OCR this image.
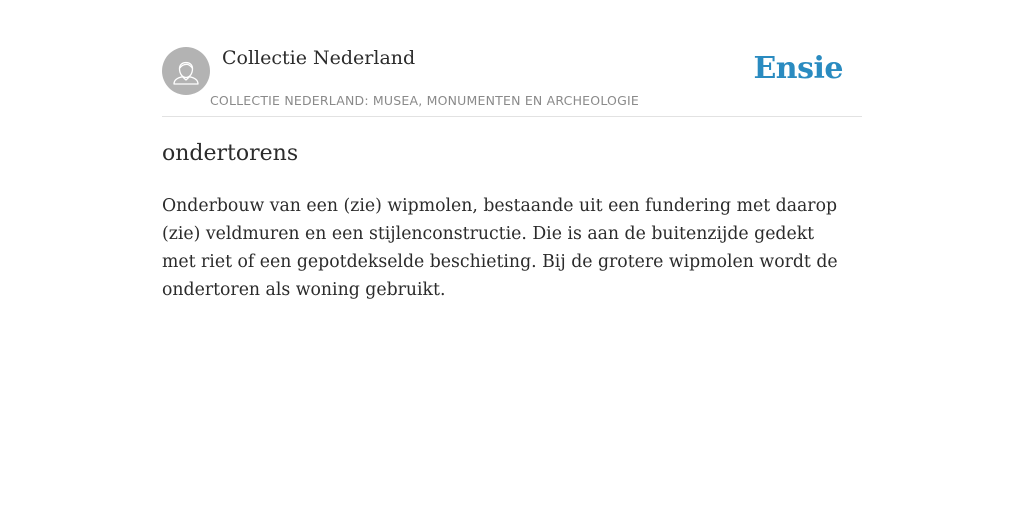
Collectie Nederland
COLLECTIE NEDERLAND: MUSEA, MONUMENTEN EN ARCHEOLOGIE
Ensie
ondertorens

Onderbouw van een (zie) wipmolen, bestaande uit een fundering met daarop (zie) veldmuren en een stijlenconstructie. Die is aan de buitenzijde gedekt met riet of een gepotdekselde beschieting. Bij de grotere wipmolen wordt de ondertoren als woning gebruikt.
